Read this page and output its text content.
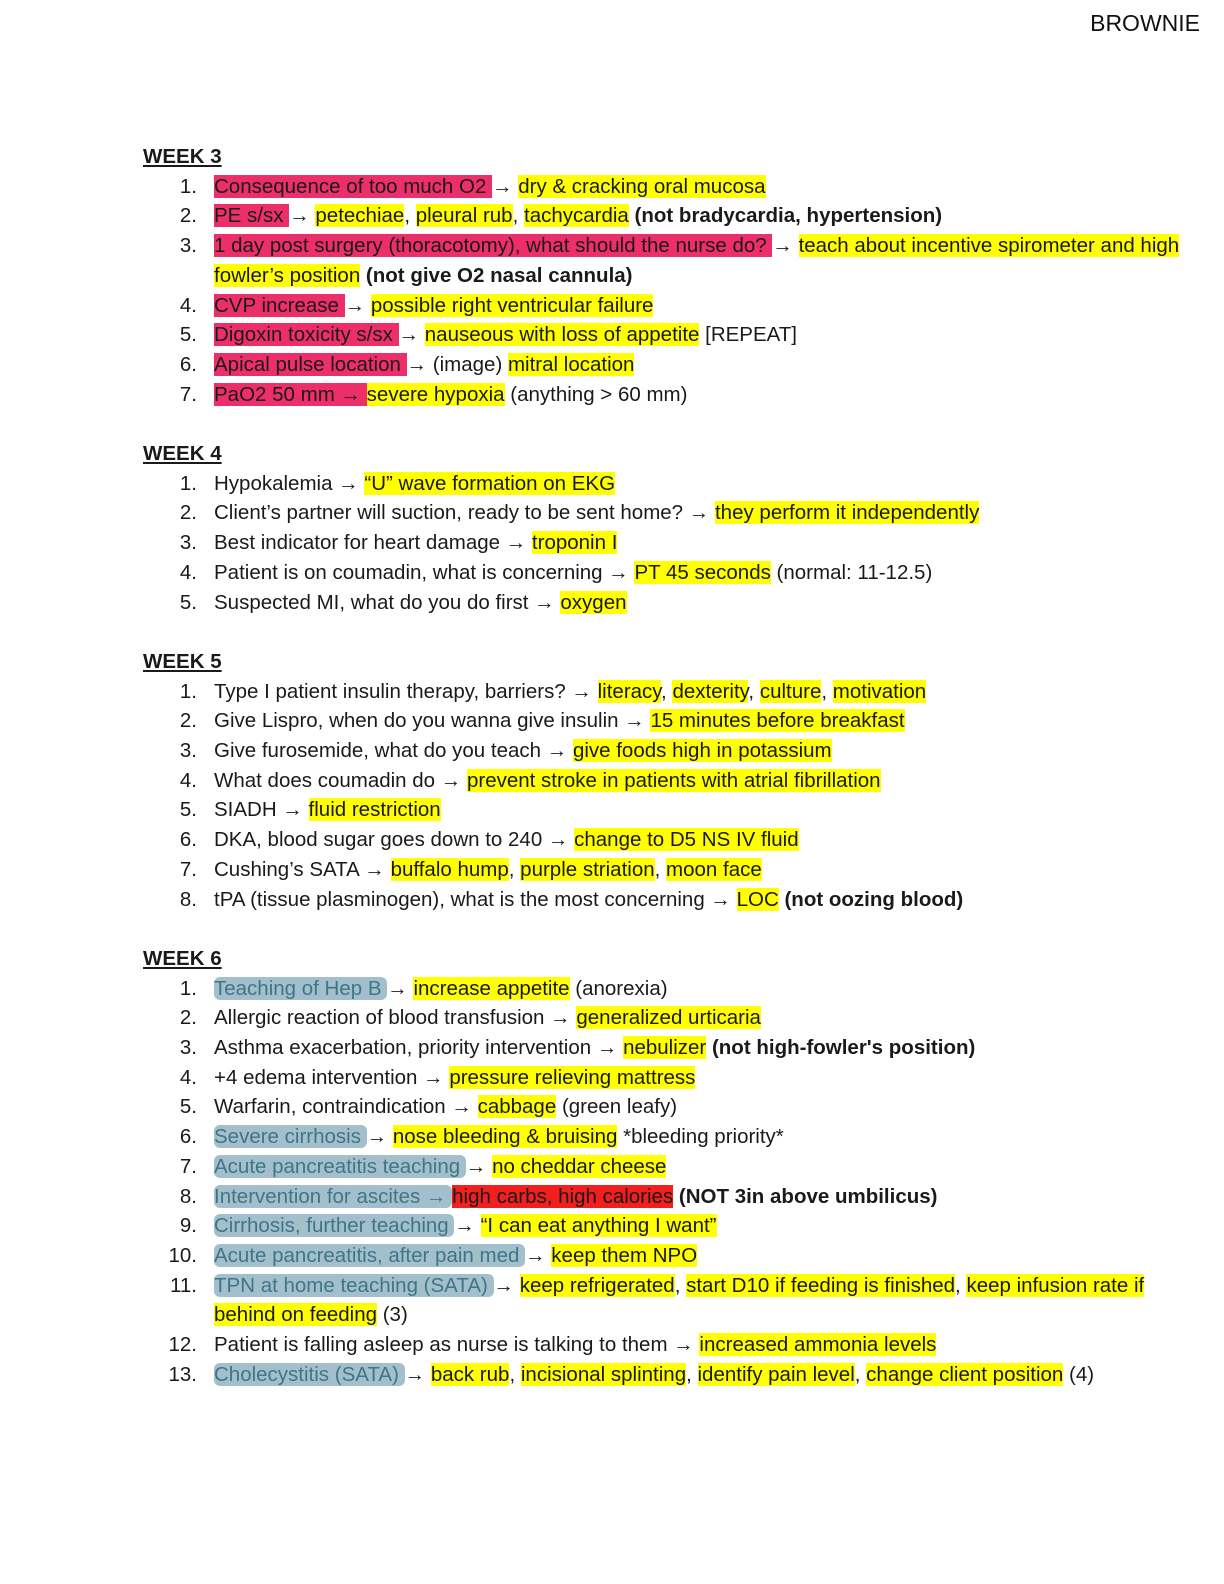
BROWNIE
WEEK 3
1. Consequence of too much O2 → dry & cracking oral mucosa
2. PE s/sx → petechiae, pleural rub, tachycardia (not bradycardia, hypertension)
3. 1 day post surgery (thoracotomy), what should the nurse do? → teach about incentive spirometer and high fowler’s position (not give O2 nasal cannula)
4. CVP increase → possible right ventricular failure
5. Digoxin toxicity s/sx → nauseous with loss of appetite [REPEAT]
6. Apical pulse location → (image) mitral location
7. PaO2 50 mm → severe hypoxia (anything > 60 mm)
WEEK 4
1. Hypokalemia → “U” wave formation on EKG
2. Client’s partner will suction, ready to be sent home? → they perform it independently
3. Best indicator for heart damage → troponin I
4. Patient is on coumadin, what is concerning → PT 45 seconds (normal: 11-12.5)
5. Suspected MI, what do you do first → oxygen
WEEK 5
1. Type I patient insulin therapy, barriers? → literacy, dexterity, culture, motivation
2. Give Lispro, when do you wanna give insulin → 15 minutes before breakfast
3. Give furosemide, what do you teach → give foods high in potassium
4. What does coumadin do → prevent stroke in patients with atrial fibrillation
5. SIADH → fluid restriction
6. DKA, blood sugar goes down to 240 → change to D5 NS IV fluid
7. Cushing’s SATA → buffalo hump, purple striation, moon face
8. tPA (tissue plasminogen), what is the most concerning → LOC (not oozing blood)
WEEK 6
1. Teaching of Hep B → increase appetite (anorexia)
2. Allergic reaction of blood transfusion → generalized urticaria
3. Asthma exacerbation, priority intervention → nebulizer (not high-fowler's position)
4. +4 edema intervention → pressure relieving mattress
5. Warfarin, contraindication → cabbage (green leafy)
6. Severe cirrhosis → nose bleeding & bruising *bleeding priority*
7. Acute pancreatitis teaching → no cheddar cheese
8. Intervention for ascites → high carbs, high calories (NOT 3in above umbilicus)
9. Cirrhosis, further teaching → “I can eat anything I want”
10. Acute pancreatitis, after pain med → keep them NPO
11. TPN at home teaching (SATA) → keep refrigerated, start D10 if feeding is finished, keep infusion rate if behind on feeding (3)
12. Patient is falling asleep as nurse is talking to them → increased ammonia levels
13. Cholecystitis (SATA) → back rub, incisional splinting, identify pain level, change client position (4)
